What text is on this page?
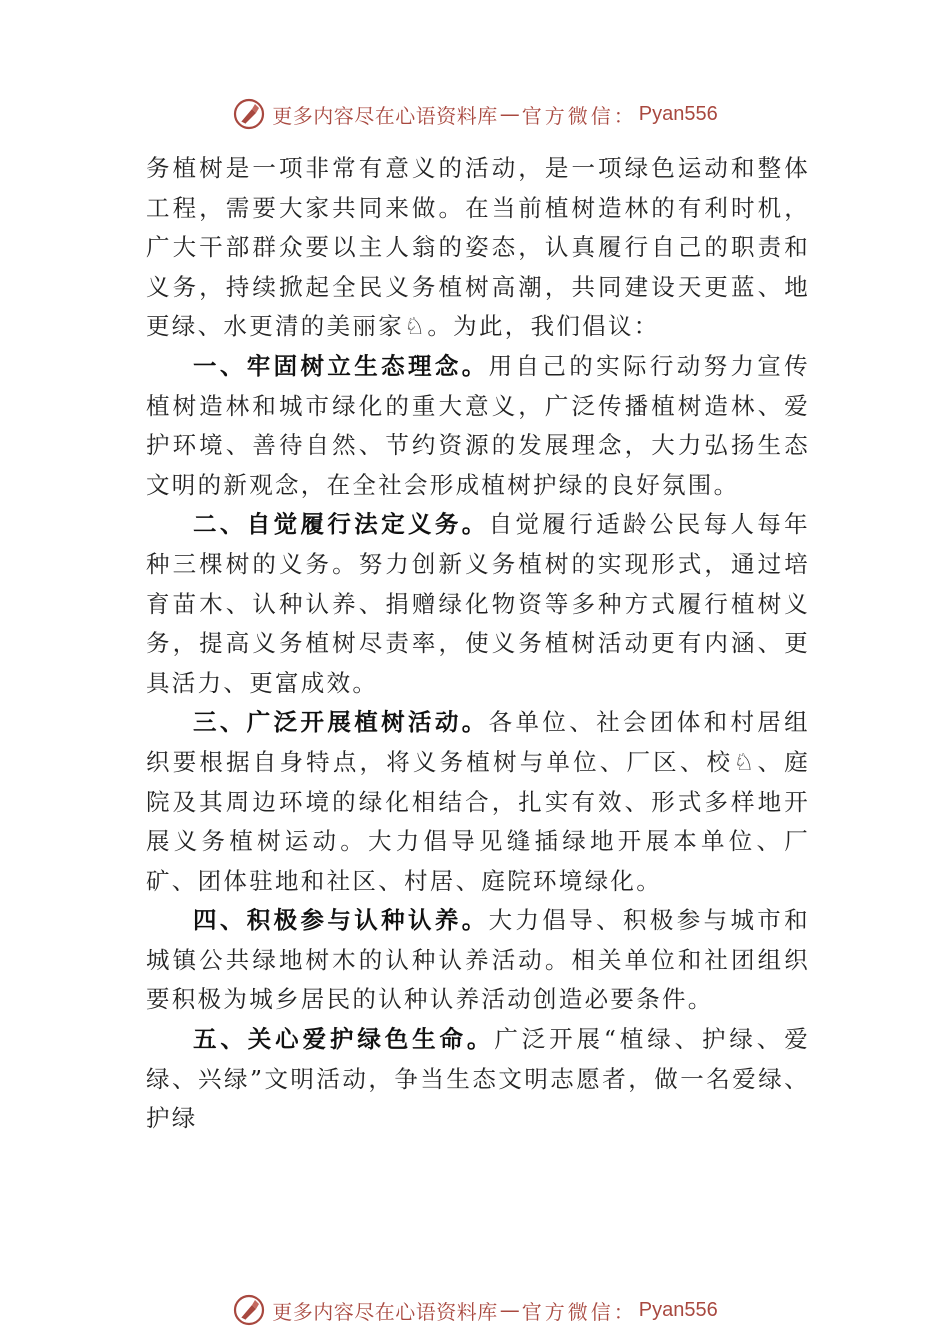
更多内容尽在心语资料库 — 官方微信： Pyan556

务植树是一项非常有意义的活动，是一项绿色运动和整体工程，需要大家共同来做。在当前植树造林的有利时机，广大干部群众要以主人翁的姿态，认真履行自己的职责和义务，持续掀起全民义务植树高潮，共同建设天更蓝、地更绿、水更清的美丽家♘。为此，我们倡议：

一、牢固树立生态理念。用自己的实际行动努力宣传植树造林和城市绿化的重大意义，广泛传播植树造林、爱护环境、善待自然、节约资源的发展理念，大力弘扬生态文明的新观念，在全社会形成植树护绿的良好氛围。

二、自觉履行法定义务。自觉履行适龄公民每人每年种三棵树的义务。努力创新义务植树的实现形式，通过培育苗木、认种认养、捐赠绿化物资等多种方式履行植树义务，提高义务植树尽责率，使义务植树活动更有内涵、更具活力、更富成效。

三、广泛开展植树活动。各单位、社会团体和村居组织要根据自身特点，将义务植树与单位、厂区、校♘、庭院及其周边环境的绿化相结合，扎实有效、形式多样地开展义务植树运动。大力倡导见缝插绿地开展本单位、厂矿、团体驻地和社区、村居、庭院环境绿化。

四、积极参与认种认养。大力倡导、积极参与城市和城镇公共绿地树木的认种认养活动。相关单位和社团组织要积极为城乡居民的认种认养活动创造必要条件。

五、关心爱护绿色生命。广泛开展“植绿、护绿、爱绿、兴绿”文明活动，争当生态文明志愿者，做一名爱绿、护绿

更多内容尽在心语资料库 — 官方微信： Pyan556
